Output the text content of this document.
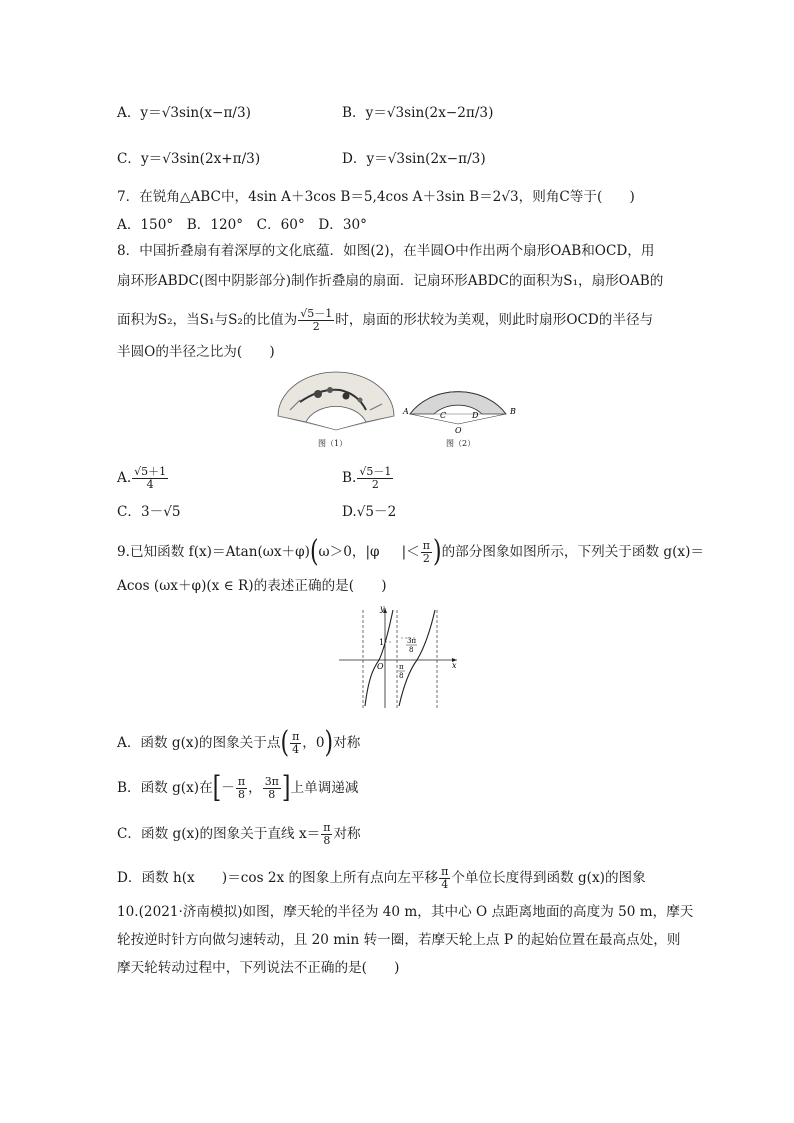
A．y＝√3sin(x−π/3)	B．y＝√3sin(2x−2π/3)
C．y＝√3sin(2x+π/3)	D．y＝√3sin(2x−π/3)
7．在锐角△ABC中，4sin A＋3cos B＝5,4cos A＋3sin B＝2√3，则角C等于(　　)
A．150°　B．120°　C．60°　D．30°
8．中国折叠扇有着深厚的文化底蕴．如图(2)，在半圆O中作出两个扇形OAB和OCD，用
扇环形ABDC(图中阴影部分)制作折叠扇的扇面．记扇环形ABDC的面积为S₁，扇形OAB的
面积为S₂，当S₁与S₂的比值为 $\frac{√5-1}{2}$ 时，扇面的形状较为美观，则此时扇形OCD的半径与
半圆O的半径之比为(　　)
图（1）
A	B
C	D
O
图（2）
A. $\frac{√5+1}{4}$	B. $\frac{√5-1}{2}$
C．3－√5	D.√5－2
9.已知函数 f(x)＝Atan(ωx＋φ)(ω＞0，|φ |＜ $\frac{\pi}{2}$ )的部分图象如图所示，下列关于函数 g(x)＝
Acos (ωx＋φ)(x ∈ R)的表述正确的是(　　)
y
x
O
1
π
8
3π
8
A．函数 g(x)的图象关于点( $\frac{\pi}{4}$ ，0)对称
B．函数 g(x)在[－ $\frac{\pi}{8}$ ， $\frac{3\pi}{8}$ ]上单调递减
C．函数 g(x)的图象关于直线 $x= \frac{\pi}{8}$ 对称
D．函数 h(x　　)＝cos 2x 的图象上所有点向左平移 $\frac{\pi}{4}$ 个单位长度得到函数 g(x)的图象
10.(2021·济南模拟)如图，摩天轮的半径为 40 m，其中心 O 点距离地面的高度为 50 m，摩天
轮按逆时针方向做匀速转动，且 20 min 转一圈，若摩天轮上点 P 的起始位置在最高点处，则
摩天轮转动过程中，下列说法不正确的是(　　)
